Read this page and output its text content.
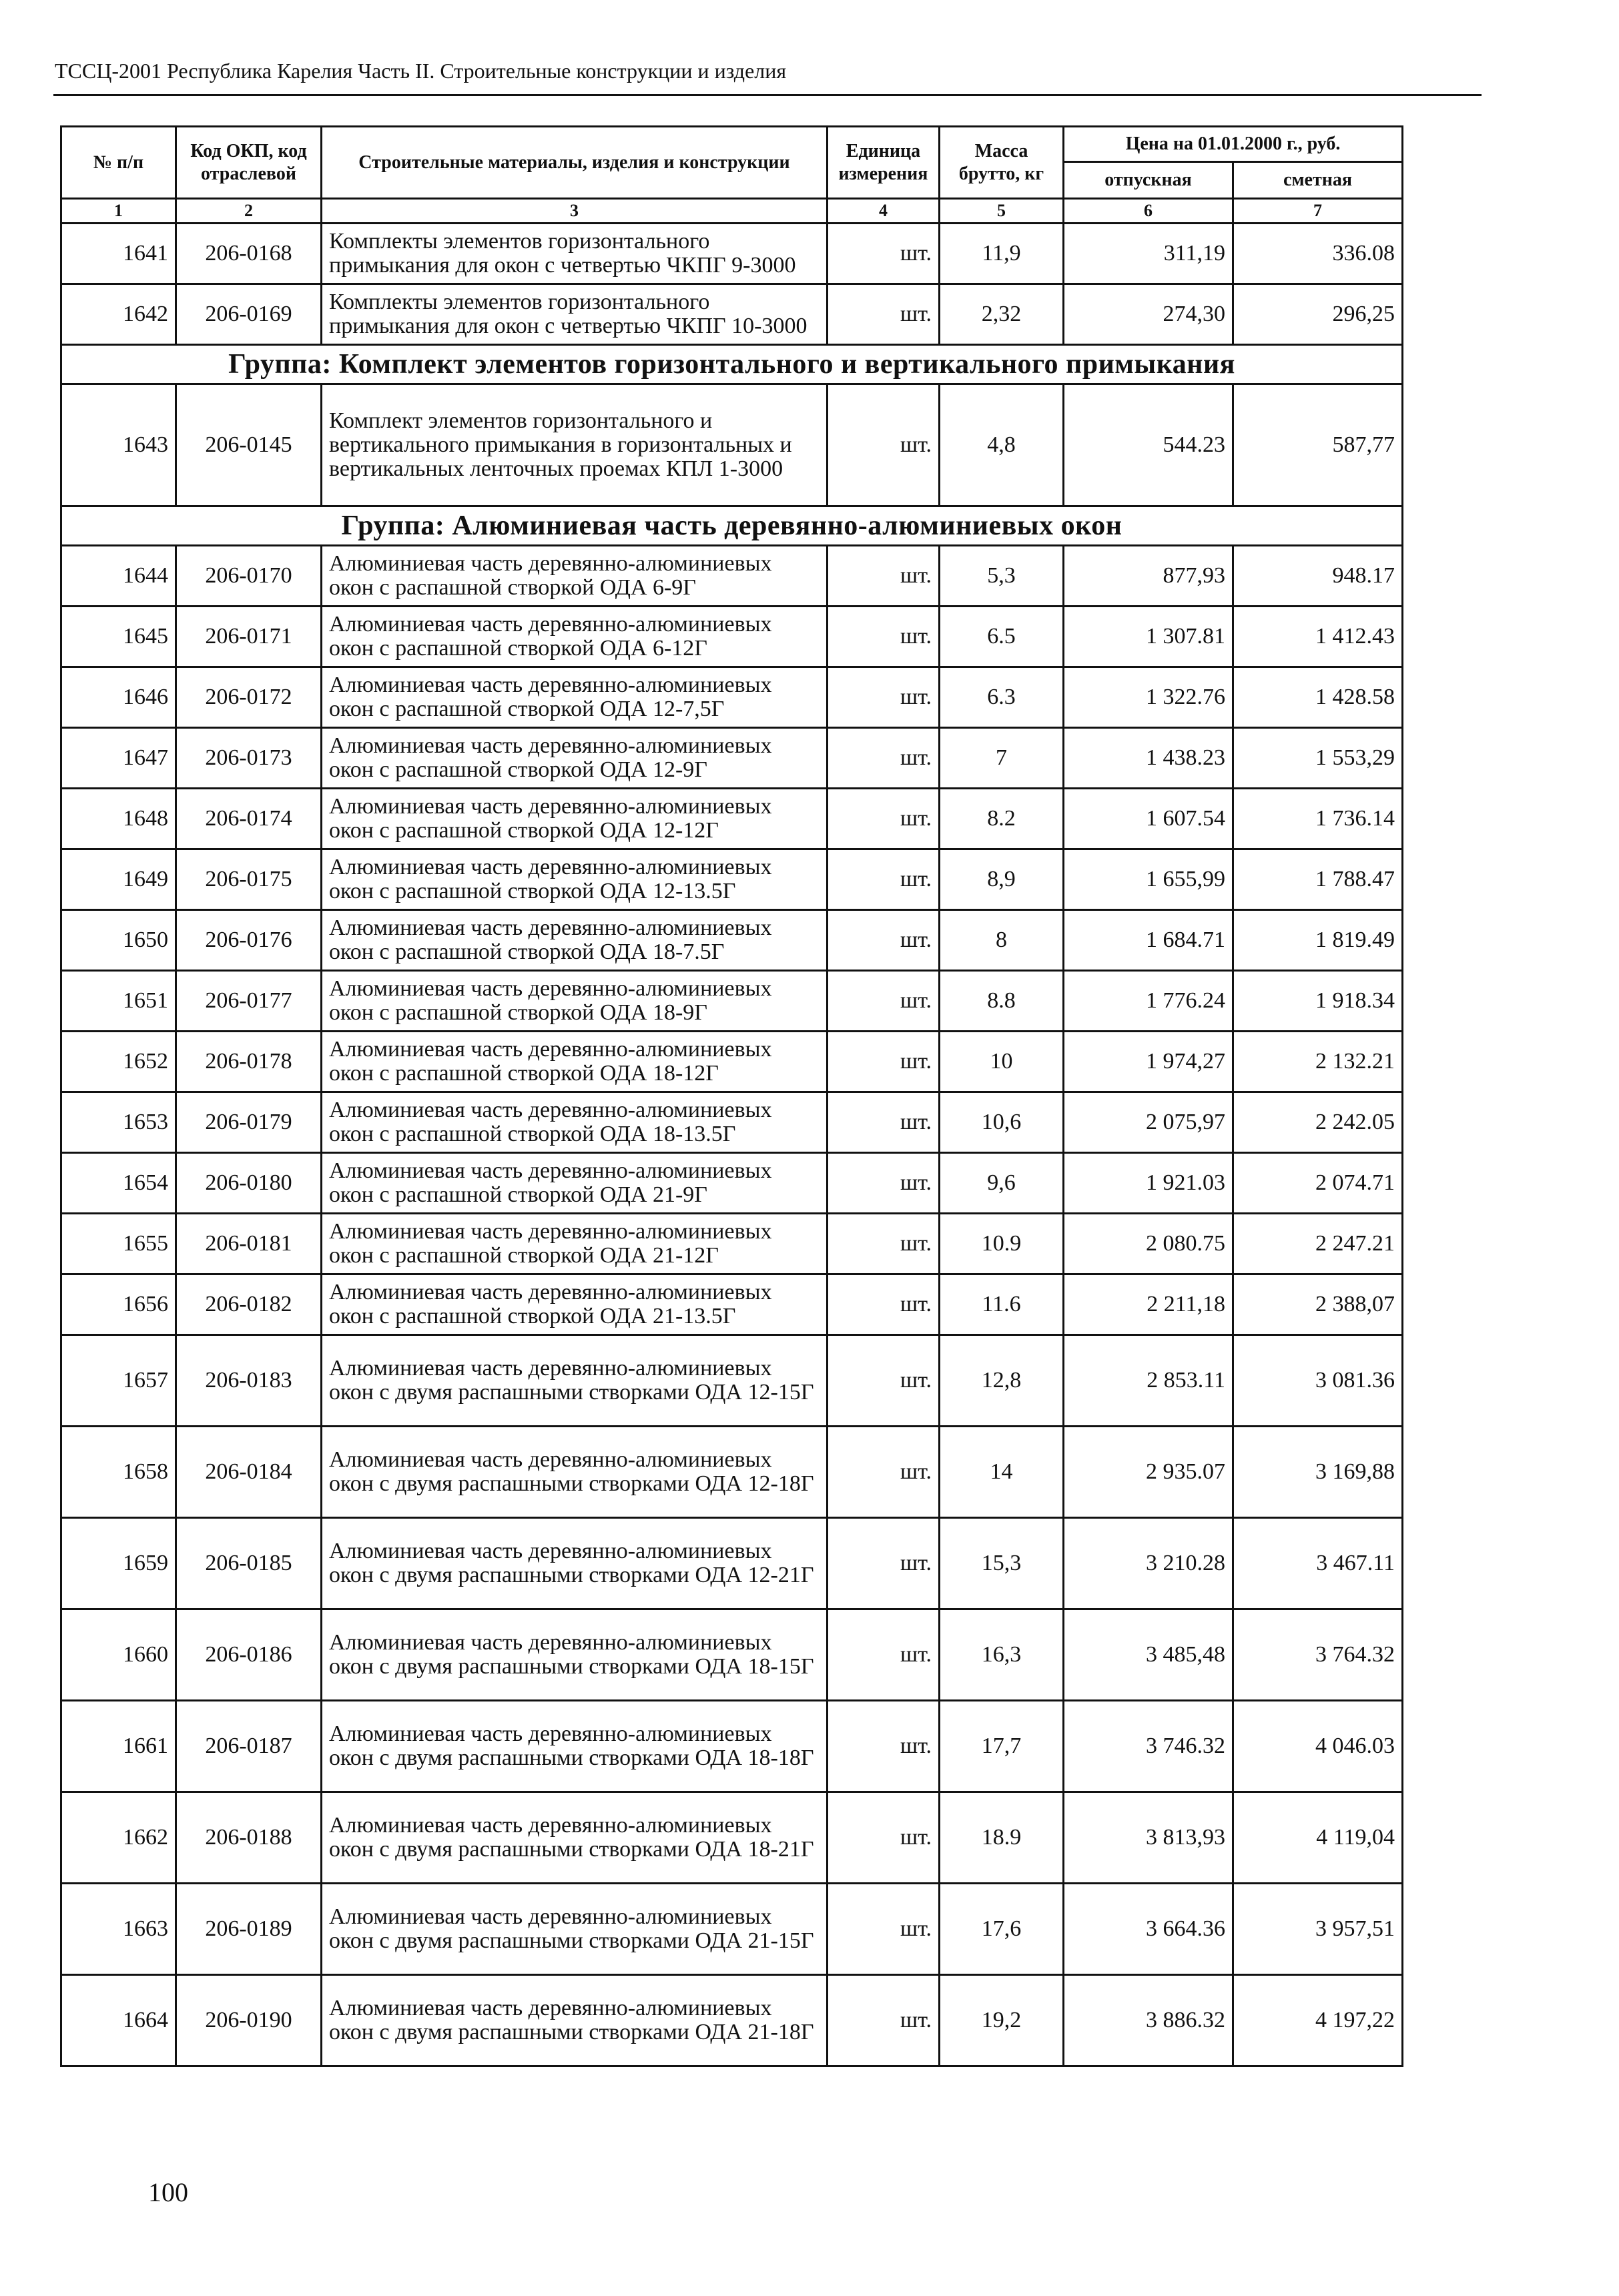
ТССЦ-2001 Республика Карелия Часть II. Строительные конструкции и изделия
№ п/п	Код ОКП, код отраслевой	Строительные материалы, изделия и конструкции	Единица измерения	Масса брутто, кг	Цена на 01.01.2000 г., руб.	
					отпускная	сметная
1	2	3	4	5	6	7
1641	206-0168	Комплекты элементов горизонтального примыкания для окон с четвертью ЧКПГ 9-3000	шт.	11,9	311,19	336.08
1642	206-0169	Комплекты элементов горизонтального примыкания для окон с четвертью ЧКПГ 10-3000	шт.	2,32	274,30	296,25
Группа: Комплект элементов горизонтального и вертикального примыкания						
1643	206-0145	Комплект элементов горизонтального и вертикального примыкания в горизонтальных и вертикальных ленточных проемах КПЛ 1-3000	шт.	4,8	544.23	587,77
Группа: Алюминиевая часть деревянно-алюминиевых окон						
1644	206-0170	Алюминиевая часть деревянно-алюминиевых окон с распашной створкой ОДА 6-9Г	шт.	5,3	877,93	948.17
1645	206-0171	Алюминиевая часть деревянно-алюминиевых окон с распашной створкой ОДА 6-12Г	шт.	6.5	1 307.81	1 412.43
1646	206-0172	Алюминиевая часть деревянно-алюминиевых окон с распашной створкой ОДА 12-7,5Г	шт.	6.3	1 322.76	1 428.58
1647	206-0173	Алюминиевая часть деревянно-алюминиевых окон с распашной створкой ОДА 12-9Г	шт.	7	1 438.23	1 553,29
1648	206-0174	Алюминиевая часть деревянно-алюминиевых окон с распашной створкой ОДА 12-12Г	шт.	8.2	1 607.54	1 736.14
1649	206-0175	Алюминиевая часть деревянно-алюминиевых окон с распашной створкой ОДА 12-13.5Г	шт.	8,9	1 655,99	1 788.47
1650	206-0176	Алюминиевая часть деревянно-алюминиевых окон с распашной створкой ОДА 18-7.5Г	шт.	8	1 684.71	1 819.49
1651	206-0177	Алюминиевая часть деревянно-алюминиевых окон с распашной створкой ОДА 18-9Г	шт.	8.8	1 776.24	1 918.34
1652	206-0178	Алюминиевая часть деревянно-алюминиевых окон с распашной створкой ОДА 18-12Г	шт.	10	1 974,27	2 132.21
1653	206-0179	Алюминиевая часть деревянно-алюминиевых окон с распашной створкой ОДА 18-13.5Г	шт.	10,6	2 075,97	2 242.05
1654	206-0180	Алюминиевая часть деревянно-алюминиевых окон с распашной створкой ОДА 21-9Г	шт.	9,6	1 921.03	2 074.71
1655	206-0181	Алюминиевая часть деревянно-алюминиевых окон с распашной створкой ОДА 21-12Г	шт.	10.9	2 080.75	2 247.21
1656	206-0182	Алюминиевая часть деревянно-алюминиевых окон с распашной створкой ОДА 21-13.5Г	шт.	11.6	2 211,18	2 388,07
1657	206-0183	Алюминиевая часть деревянно-алюминиевых окон с двумя распашными створками ОДА 12-15Г	шт.	12,8	2 853.11	3 081.36
1658	206-0184	Алюминиевая часть деревянно-алюминиевых окон с двумя распашными створками ОДА 12-18Г	шт.	14	2 935.07	3 169,88
1659	206-0185	Алюминиевая часть деревянно-алюминиевых окон с двумя распашными створками ОДА 12-21Г	шт.	15,3	3 210.28	3 467.11
1660	206-0186	Алюминиевая часть деревянно-алюминиевых окон с двумя распашными створками ОДА 18-15Г	шт.	16,3	3 485,48	3 764.32
1661	206-0187	Алюминиевая часть деревянно-алюминиевых окон с двумя распашными створками ОДА 18-18Г	шт.	17,7	3 746.32	4 046.03
1662	206-0188	Алюминиевая часть деревянно-алюминиевых окон с двумя распашными створками ОДА 18-21Г	шт.	18.9	3 813,93	4 119,04
1663	206-0189	Алюминиевая часть деревянно-алюминиевых окон с двумя распашными створками ОДА 21-15Г	шт.	17,6	3 664.36	3 957,51
1664	206-0190	Алюминиевая часть деревянно-алюминиевых окон с двумя распашными створками ОДА 21-18Г	шт.	19,2	3 886.32	4 197,22
100
